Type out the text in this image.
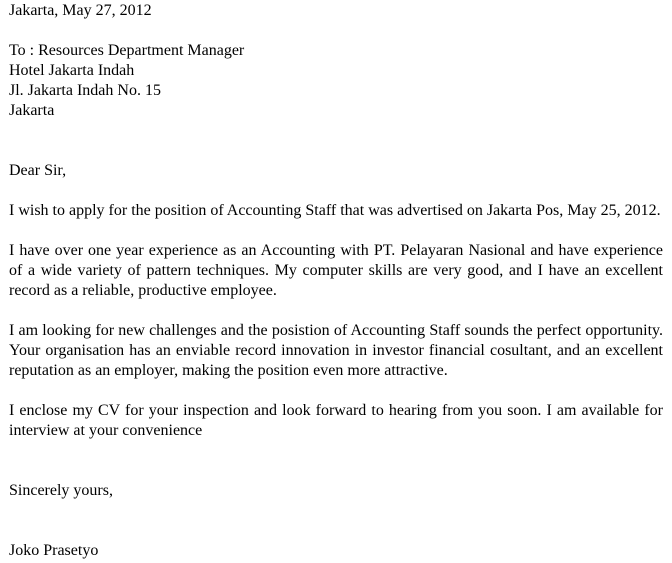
Jakarta, May 27, 2012
To : Resources Department Manager
Hotel Jakarta Indah
Jl. Jakarta Indah No. 15
Jakarta
Dear Sir,
I wish to apply for the position of Accounting Staff that was advertised on Jakarta Pos, May 25, 2012.
I have over one year experience as an Accounting with PT. Pelayaran Nasional and have experience of a wide variety of pattern techniques. My computer skills are very good, and I have an excellent record as a reliable, productive employee.
I am looking for new challenges and the posistion of Accounting Staff sounds the perfect opportunity. Your organisation has an enviable record innovation in investor financial cosultant, and an excellent reputation as an employer, making the position even more attractive.
I enclose my CV for your inspection and look forward to hearing from you soon. I am available for interview at your convenience
Sincerely yours,
Joko Prasetyo
